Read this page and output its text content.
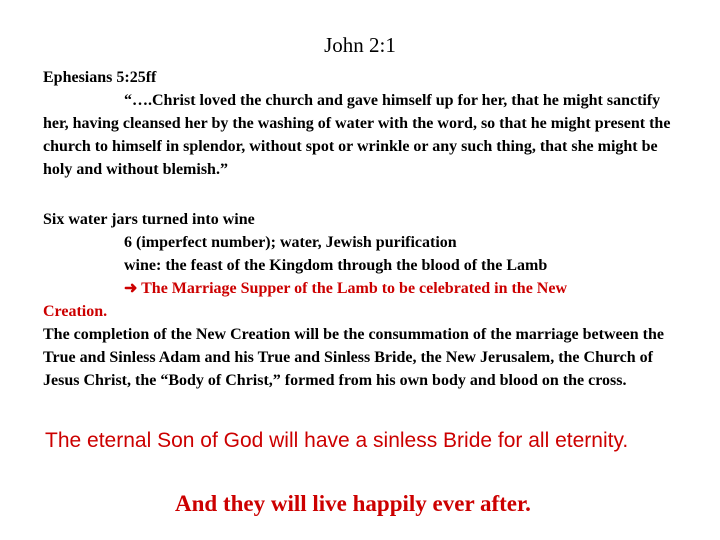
John 2:1

Ephesians 5:25ff

“….Christ loved the church and gave himself up for her, that he might sanctify her, having cleansed her by the washing of water with the word, so that he might present the church to himself in splendor, without spot or wrinkle or any such thing, that she might be holy and without blemish.”

Six water jars turned into wine

6 (imperfect number); water, Jewish purification

wine: the feast of the Kingdom through the blood of the Lamb

➜ The Marriage Supper of the Lamb to be celebrated in the New

Creation.

The completion of the New Creation will be the consummation of the marriage between the True and Sinless Adam and his True and Sinless Bride, the New Jerusalem, the Church of Jesus Christ, the “Body of Christ,” formed from his own body and blood on the cross.

The eternal Son of God will have a sinless Bride for all eternity.
And they will live happily ever after.
